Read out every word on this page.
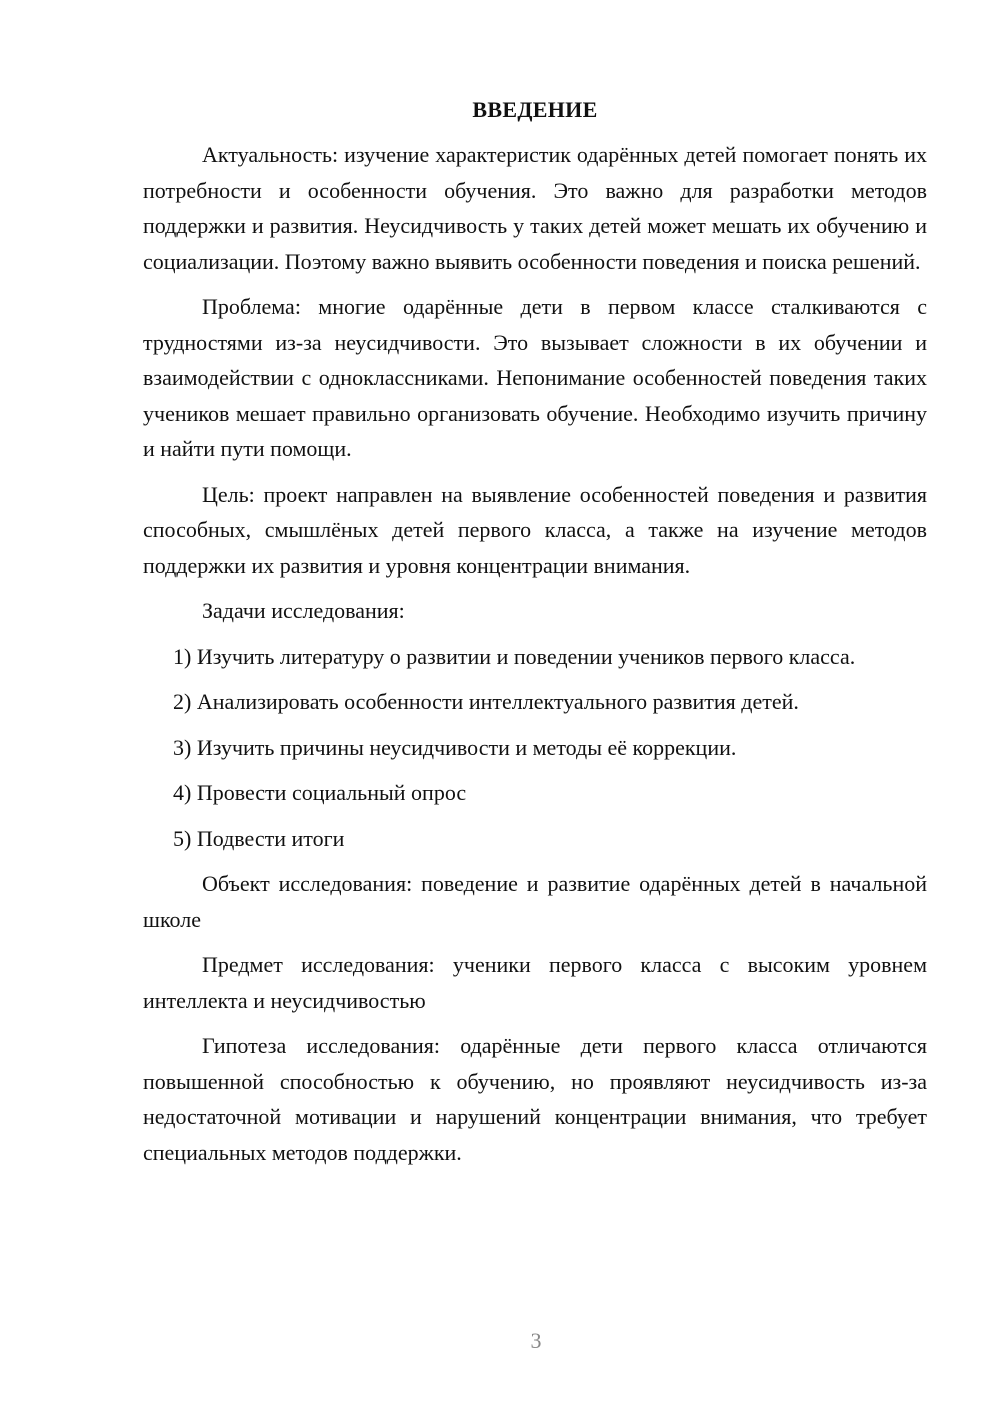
ВВЕДЕНИЕ

Актуальность: изучение характеристик одарённых детей помогает понять их потребности и особенности обучения. Это важно для разработки методов поддержки и развития. Неусидчивость у таких детей может мешать их обучению и социализации. Поэтому важно выявить особенности поведения и поиска решений.

Проблема: многие одарённые дети в первом классе сталкиваются с трудностями из-за неусидчивости. Это вызывает сложности в их обучении и взаимодействии с одноклассниками. Непонимание особенностей поведения таких учеников мешает правильно организовать обучение. Необходимо изучить причину и найти пути помощи.

Цель: проект направлен на выявление особенностей поведения и развития способных, смышлёных детей первого класса, а также на изучение методов поддержки их развития и уровня концентрации внимания.

Задачи исследования:

1) Изучить литературу о развитии и поведении учеников первого класса.

2) Анализировать особенности интеллектуального развития детей.

3) Изучить причины неусидчивости и методы её коррекции.

4) Провести социальный опрос

5) Подвести итоги

Объект исследования: поведение и развитие одарённых детей в начальной школе

Предмет исследования: ученики первого класса с высоким уровнем интеллекта и неусидчивостью

Гипотеза исследования: одарённые дети первого класса отличаются повышенной способностью к обучению, но проявляют неусидчивость из-за недостаточной мотивации и нарушений концентрации внимания, что требует специальных методов поддержки.

3
